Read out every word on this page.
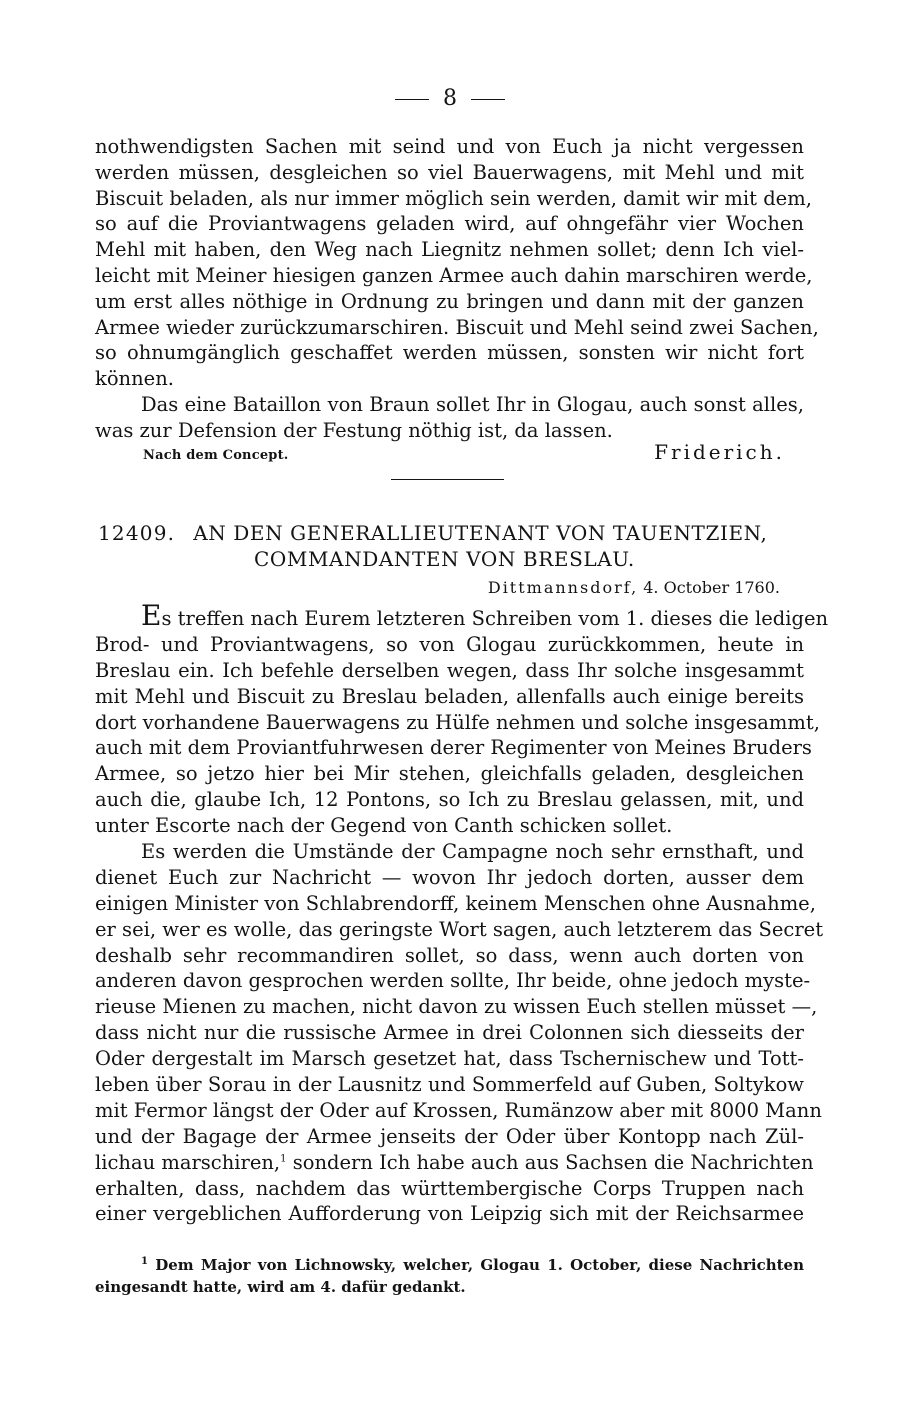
8
nothwendigsten Sachen mit seind und von Euch ja nicht vergessen
werden müssen, desgleichen so viel Bauerwagens, mit Mehl und mit
Biscuit beladen, als nur immer möglich sein werden, damit wir mit dem,
so auf die Proviantwagens geladen wird, auf ohngefähr vier Wochen
Mehl mit haben, den Weg nach Liegnitz nehmen sollet; denn Ich viel-
leicht mit Meiner hiesigen ganzen Armee auch dahin marschiren werde,
um erst alles nöthige in Ordnung zu bringen und dann mit der ganzen
Armee wieder zurückzumarschiren. Biscuit und Mehl seind zwei Sachen,
so ohnumgänglich geschaffet werden müssen, sonsten wir nicht fort
können.
Das eine Bataillon von Braun sollet Ihr in Glogau, auch sonst alles,
was zur Defension der Festung nöthig ist, da lassen.
Nach dem Concept.	Friderich.
12409. AN DEN GENERALLIEUTENANT VON TAUENTZIEN,
COMMANDANTEN VON BRESLAU.
Dittmannsdorf, 4. October 1760.
Es treffen nach Eurem letzteren Schreiben vom 1. dieses die ledigen
Brod- und Proviantwagens, so von Glogau zurückkommen, heute in
Breslau ein. Ich befehle derselben wegen, dass Ihr solche insgesammt
mit Mehl und Biscuit zu Breslau beladen, allenfalls auch einige bereits
dort vorhandene Bauerwagens zu Hülfe nehmen und solche insgesammt,
auch mit dem Proviantfuhrwesen derer Regimenter von Meines Bruders
Armee, so jetzo hier bei Mir stehen, gleichfalls geladen, desgleichen
auch die, glaube Ich, 12 Pontons, so Ich zu Breslau gelassen, mit, und
unter Escorte nach der Gegend von Canth schicken sollet.
Es werden die Umstände der Campagne noch sehr ernsthaft, und
dienet Euch zur Nachricht — wovon Ihr jedoch dorten, ausser dem
einigen Minister von Schlabrendorff, keinem Menschen ohne Ausnahme,
er sei, wer es wolle, das geringste Wort sagen, auch letzterem das Secret
deshalb sehr recommandiren sollet, so dass, wenn auch dorten von
anderen davon gesprochen werden sollte, Ihr beide, ohne jedoch myste-
rieuse Mienen zu machen, nicht davon zu wissen Euch stellen müsset —,
dass nicht nur die russische Armee in drei Colonnen sich diesseits der
Oder dergestalt im Marsch gesetzet hat, dass Tschernischew und Tott-
leben über Sorau in der Lausnitz und Sommerfeld auf Guben, Soltykow
mit Fermor längst der Oder auf Krossen, Rumänzow aber mit 8000 Mann
und der Bagage der Armee jenseits der Oder über Kontopp nach Zül-
lichau marschiren,$^1$ sondern Ich habe auch aus Sachsen die Nachrichten
erhalten, dass, nachdem das württembergische Corps Truppen nach
einer vergeblichen Aufforderung von Leipzig sich mit der Reichsarmee
$^1$ Dem Major von Lichnowsky, welcher, Glogau 1. October, diese Nachrichten
eingesandt hatte, wird am 4. dafür gedankt.
